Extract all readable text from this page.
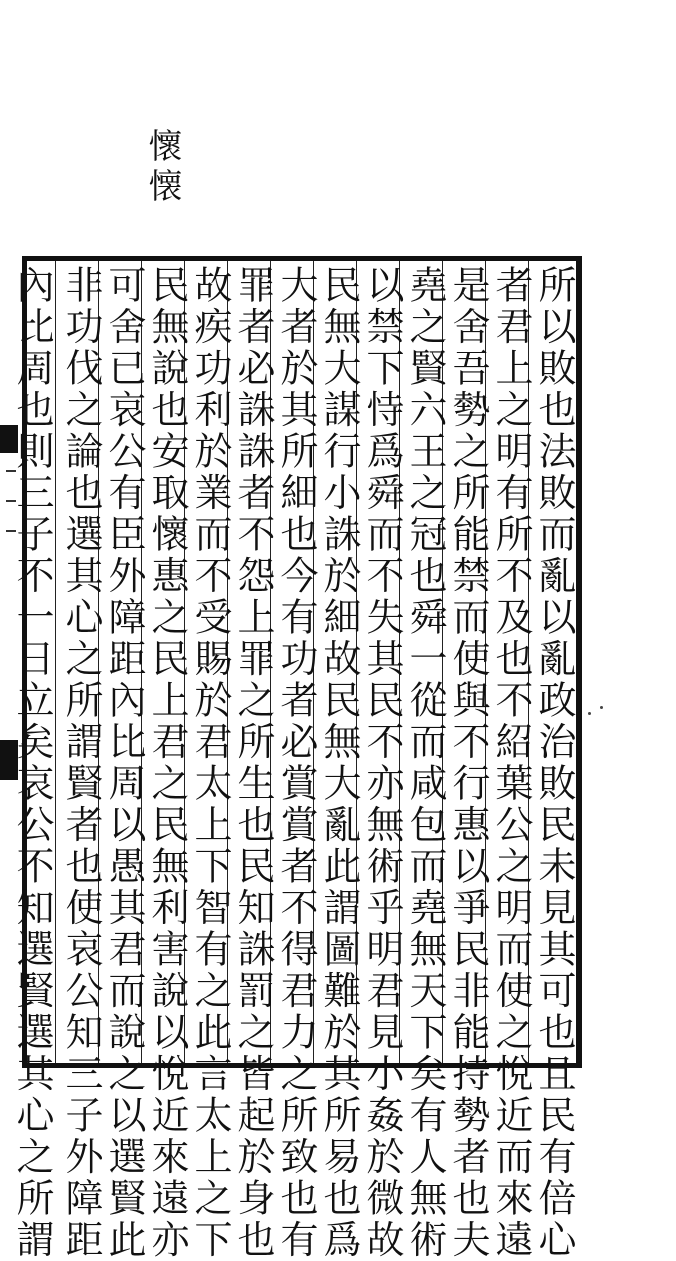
懷懐
所以敗也法敗而亂以亂政治敗民未見其可也且民有倍心
者君上之明有所不及也不紹葉公之明而使之悅近而來遠
是舍吾勢之所能禁而使與不行惠以爭民非能持勢者也夫
堯之賢六王之冠也舜一從而咸包而堯無天下矣有人無術
以禁下恃爲舜而不失其民不亦無術乎明君見小姦於微故
民無大謀行小誅於細故民無大亂此謂圖難於其所易也爲
大者於其所細也今有功者必賞賞者不得君力之所致也有
罪者必誅誅者不怨上罪之所生也民知誅罰之皆起於身也
故疾功利於業而不受賜於君太上下智有之此言太上之下
民無說也安取懷惠之民上君之民無利害說以悅近來遠亦
可舍已哀公有臣外障距內比周以愚其君而說之以選賢此
非功伐之論也選其心之所謂賢者也使哀公知三子外障距
內比周也則三子不一日立矣哀公不知選賢選其心之所謂
